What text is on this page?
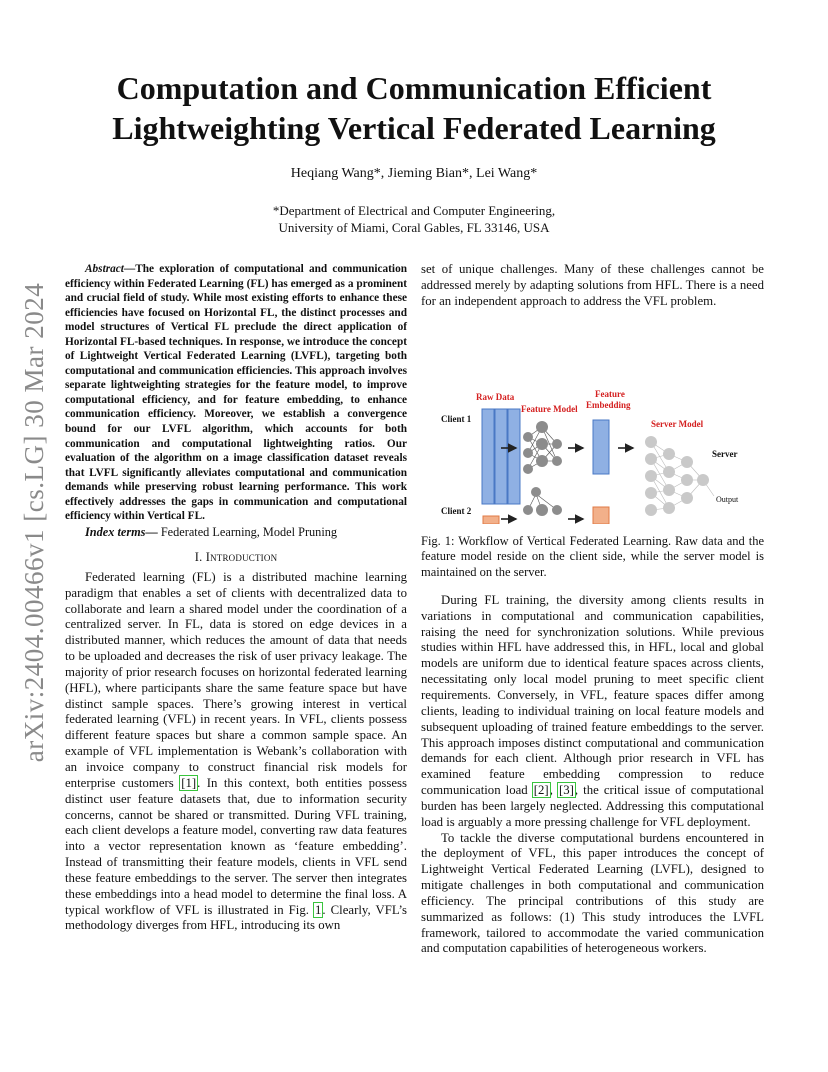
arXiv:2404.00466v1 [cs.LG] 30 Mar 2024
Computation and Communication Efficient
Lightweighting Vertical Federated Learning
Heqiang Wang*, Jieming Bian*, Lei Wang*
*Department of Electrical and Computer Engineering,
University of Miami, Coral Gables, FL 33146, USA

Abstract—The exploration of computational and communication efficiency within Federated Learning (FL) has emerged as a prominent and crucial field of study. While most existing efforts to enhance these efficiencies have focused on Horizontal FL, the distinct processes and model structures of Vertical FL preclude the direct application of Horizontal FL-based techniques. In response, we introduce the concept of Lightweight Vertical Federated Learning (LVFL), targeting both computational and communication efficiencies. This approach involves separate lightweighting strategies for the feature model, to improve computational efficiency, and for feature embedding, to enhance communication efficiency. Moreover, we establish a convergence bound for our LVFL algorithm, which accounts for both communication and computational lightweighting ratios. Our evaluation of the algorithm on a image classification dataset reveals that LVFL significantly alleviates computational and communication demands while preserving robust learning performance. This work effectively addresses the gaps in communication and computational efficiency within Vertical FL.

Index terms— Federated Learning, Model Pruning

I. Introduction

Federated learning (FL) is a distributed machine learning paradigm that enables a set of clients with decentralized data to collaborate and learn a shared model under the coordination of a centralized server. In FL, data is stored on edge devices in a distributed manner, which reduces the amount of data that needs to be uploaded and decreases the risk of user privacy leakage. The majority of prior research focuses on horizontal federated learning (HFL), where participants share the same feature space but have distinct sample spaces. There’s growing interest in vertical federated learning (VFL) in recent years. In VFL, clients possess different feature spaces but share a common sample space. An example of VFL implementation is Webank’s collaboration with an invoice company to construct financial risk models for enterprise customers [1]. In this context, both entities possess distinct user feature datasets that, due to information security concerns, cannot be shared or transmitted. During VFL training, each client develops a feature model, converting raw data features into a vector representation known as ‘feature embedding’. Instead of transmitting their feature models, clients in VFL send these feature embeddings to the server. The server then integrates these embeddings into a head model to determine the final loss. A typical workflow of VFL is illustrated in Fig. 1. Clearly, VFL’s methodology diverges from HFL, introducing its own

set of unique challenges. Many of these challenges cannot be addressed merely by adapting solutions from HFL. There is a need for an independent approach to address the VFL problem.

Raw Data
Feature Model
Feature
Embedding
Server Model
Client 1
Client 2
Server
Output

Fig. 1: Workflow of Vertical Federated Learning. Raw data and the feature model reside on the client side, while the server model is maintained on the server.

During FL training, the diversity among clients results in variations in computational and communication capabilities, raising the need for synchronization solutions. While previous studies within HFL have addressed this, in HFL, local and global models are uniform due to identical feature spaces across clients, necessitating only local model pruning to meet specific client requirements. Conversely, in VFL, feature spaces differ among clients, leading to individual training on local feature models and subsequent uploading of trained feature embeddings to the server. This approach imposes distinct computational and communication demands for each client. Although prior research in VFL has examined feature embedding compression to reduce communication load [2], [3], the critical issue of computational burden has been largely neglected. Addressing this computational load is arguably a more pressing challenge for VFL deployment.

To tackle the diverse computational burdens encountered in the deployment of VFL, this paper introduces the concept of Lightweight Vertical Federated Learning (LVFL), designed to mitigate challenges in both computational and communication efficiency. The principal contributions of this study are summarized as follows: (1) This study introduces the LVFL framework, tailored to accommodate the varied communication and computation capabilities of heterogeneous workers.
